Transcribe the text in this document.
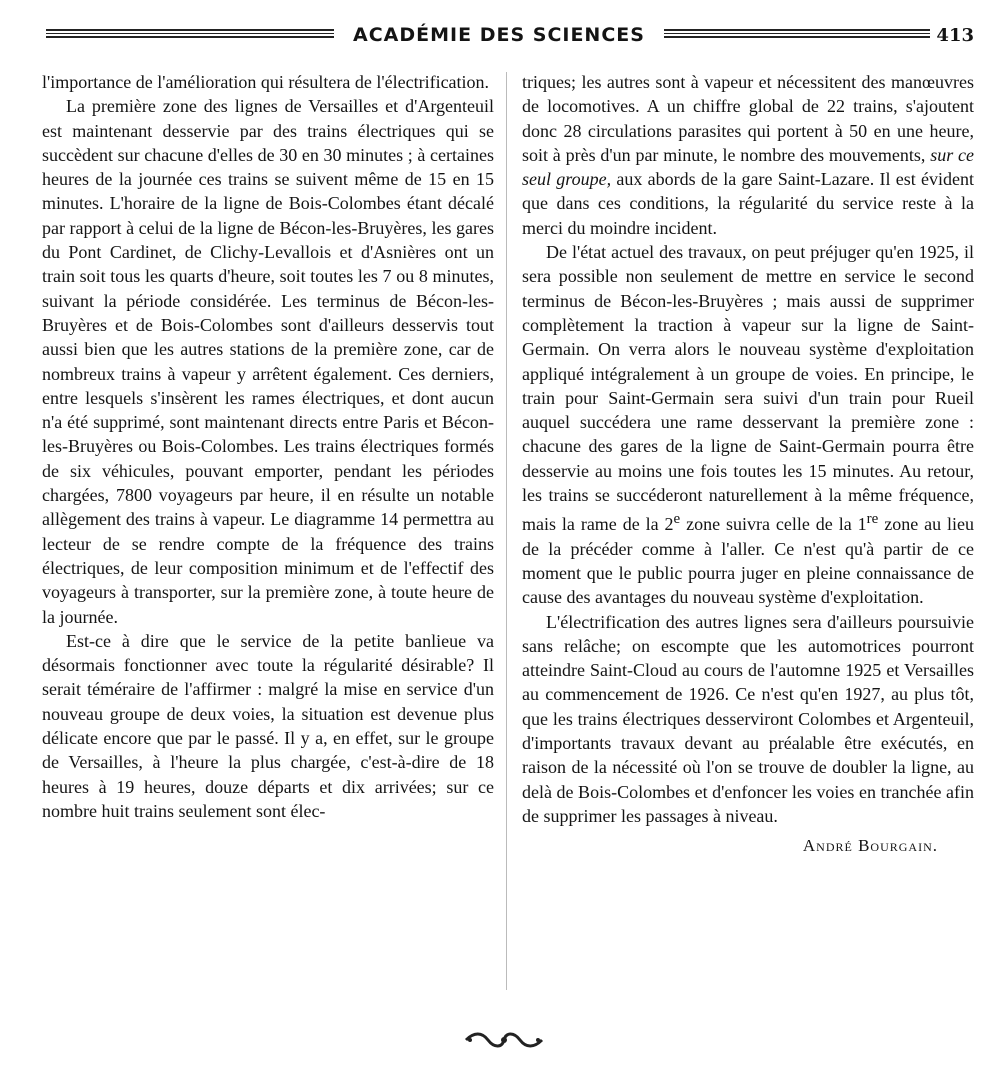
ACADÉMIE DES SCIENCES	413

l'importance de l'amélioration qui résultera de l'électrification.

La première zone des lignes de Versailles et d'Argenteuil est maintenant desservie par des trains électriques qui se succèdent sur chacune d'elles de 30 en 30 minutes ; à certaines heures de la journée ces trains se suivent même de 15 en 15 minutes. L'horaire de la ligne de Bois-Colombes étant décalé par rapport à celui de la ligne de Bécon-les-Bruyères, les gares du Pont Cardinet, de Clichy-Levallois et d'Asnières ont un train soit tous les quarts d'heure, soit toutes les 7 ou 8 minutes, suivant la période considérée. Les terminus de Bécon-les-Bruyères et de Bois-Colombes sont d'ailleurs desservis tout aussi bien que les autres stations de la première zone, car de nombreux trains à vapeur y arrêtent également. Ces derniers, entre lesquels s'insèrent les rames électriques, et dont aucun n'a été supprimé, sont maintenant directs entre Paris et Bécon-les-Bruyères ou Bois-Colombes. Les trains électriques formés de six véhicules, pouvant emporter, pendant les périodes chargées, 7800 voyageurs par heure, il en résulte un notable allègement des trains à vapeur. Le diagramme 14 permettra au lecteur de se rendre compte de la fréquence des trains électriques, de leur composition minimum et de l'effectif des voyageurs à transporter, sur la première zone, à toute heure de la journée.

Est-ce à dire que le service de la petite banlieue va désormais fonctionner avec toute la régularité désirable? Il serait téméraire de l'affirmer : malgré la mise en service d'un nouveau groupe de deux voies, la situation est devenue plus délicate encore que par le passé. Il y a, en effet, sur le groupe de Versailles, à l'heure la plus chargée, c'est-à-dire de 18 heures à 19 heures, douze départs et dix arrivées; sur ce nombre huit trains seulement sont élec-

triques; les autres sont à vapeur et nécessitent des manœuvres de locomotives. A un chiffre global de 22 trains, s'ajoutent donc 28 circulations parasites qui portent à 50 en une heure, soit à près d'un par minute, le nombre des mouvements, sur ce seul groupe, aux abords de la gare Saint-Lazare. Il est évident que dans ces conditions, la régularité du service reste à la merci du moindre incident.

De l'état actuel des travaux, on peut préjuger qu'en 1925, il sera possible non seulement de mettre en service le second terminus de Bécon-les-Bruyères ; mais aussi de supprimer complètement la traction à vapeur sur la ligne de Saint-Germain. On verra alors le nouveau système d'exploitation appliqué intégralement à un groupe de voies. En principe, le train pour Saint-Germain sera suivi d'un train pour Rueil auquel succédera une rame desservant la première zone : chacune des gares de la ligne de Saint-Germain pourra être desservie au moins une fois toutes les 15 minutes. Au retour, les trains se succéderont naturellement à la même fréquence, mais la rame de la 2e zone suivra celle de la 1re zone au lieu de la précéder comme à l'aller. Ce n'est qu'à partir de ce moment que le public pourra juger en pleine connaissance de cause des avantages du nouveau système d'exploitation.

L'électrification des autres lignes sera d'ailleurs poursuivie sans relâche; on escompte que les automotrices pourront atteindre Saint-Cloud au cours de l'automne 1925 et Versailles au commencement de 1926. Ce n'est qu'en 1927, au plus tôt, que les trains électriques desserviront Colombes et Argenteuil, d'importants travaux devant au préalable être exécutés, en raison de la nécessité où l'on se trouve de doubler la ligne, au delà de Bois-Colombes et d'enfoncer les voies en tranchée afin de supprimer les passages à niveau.

André Bourgain.
